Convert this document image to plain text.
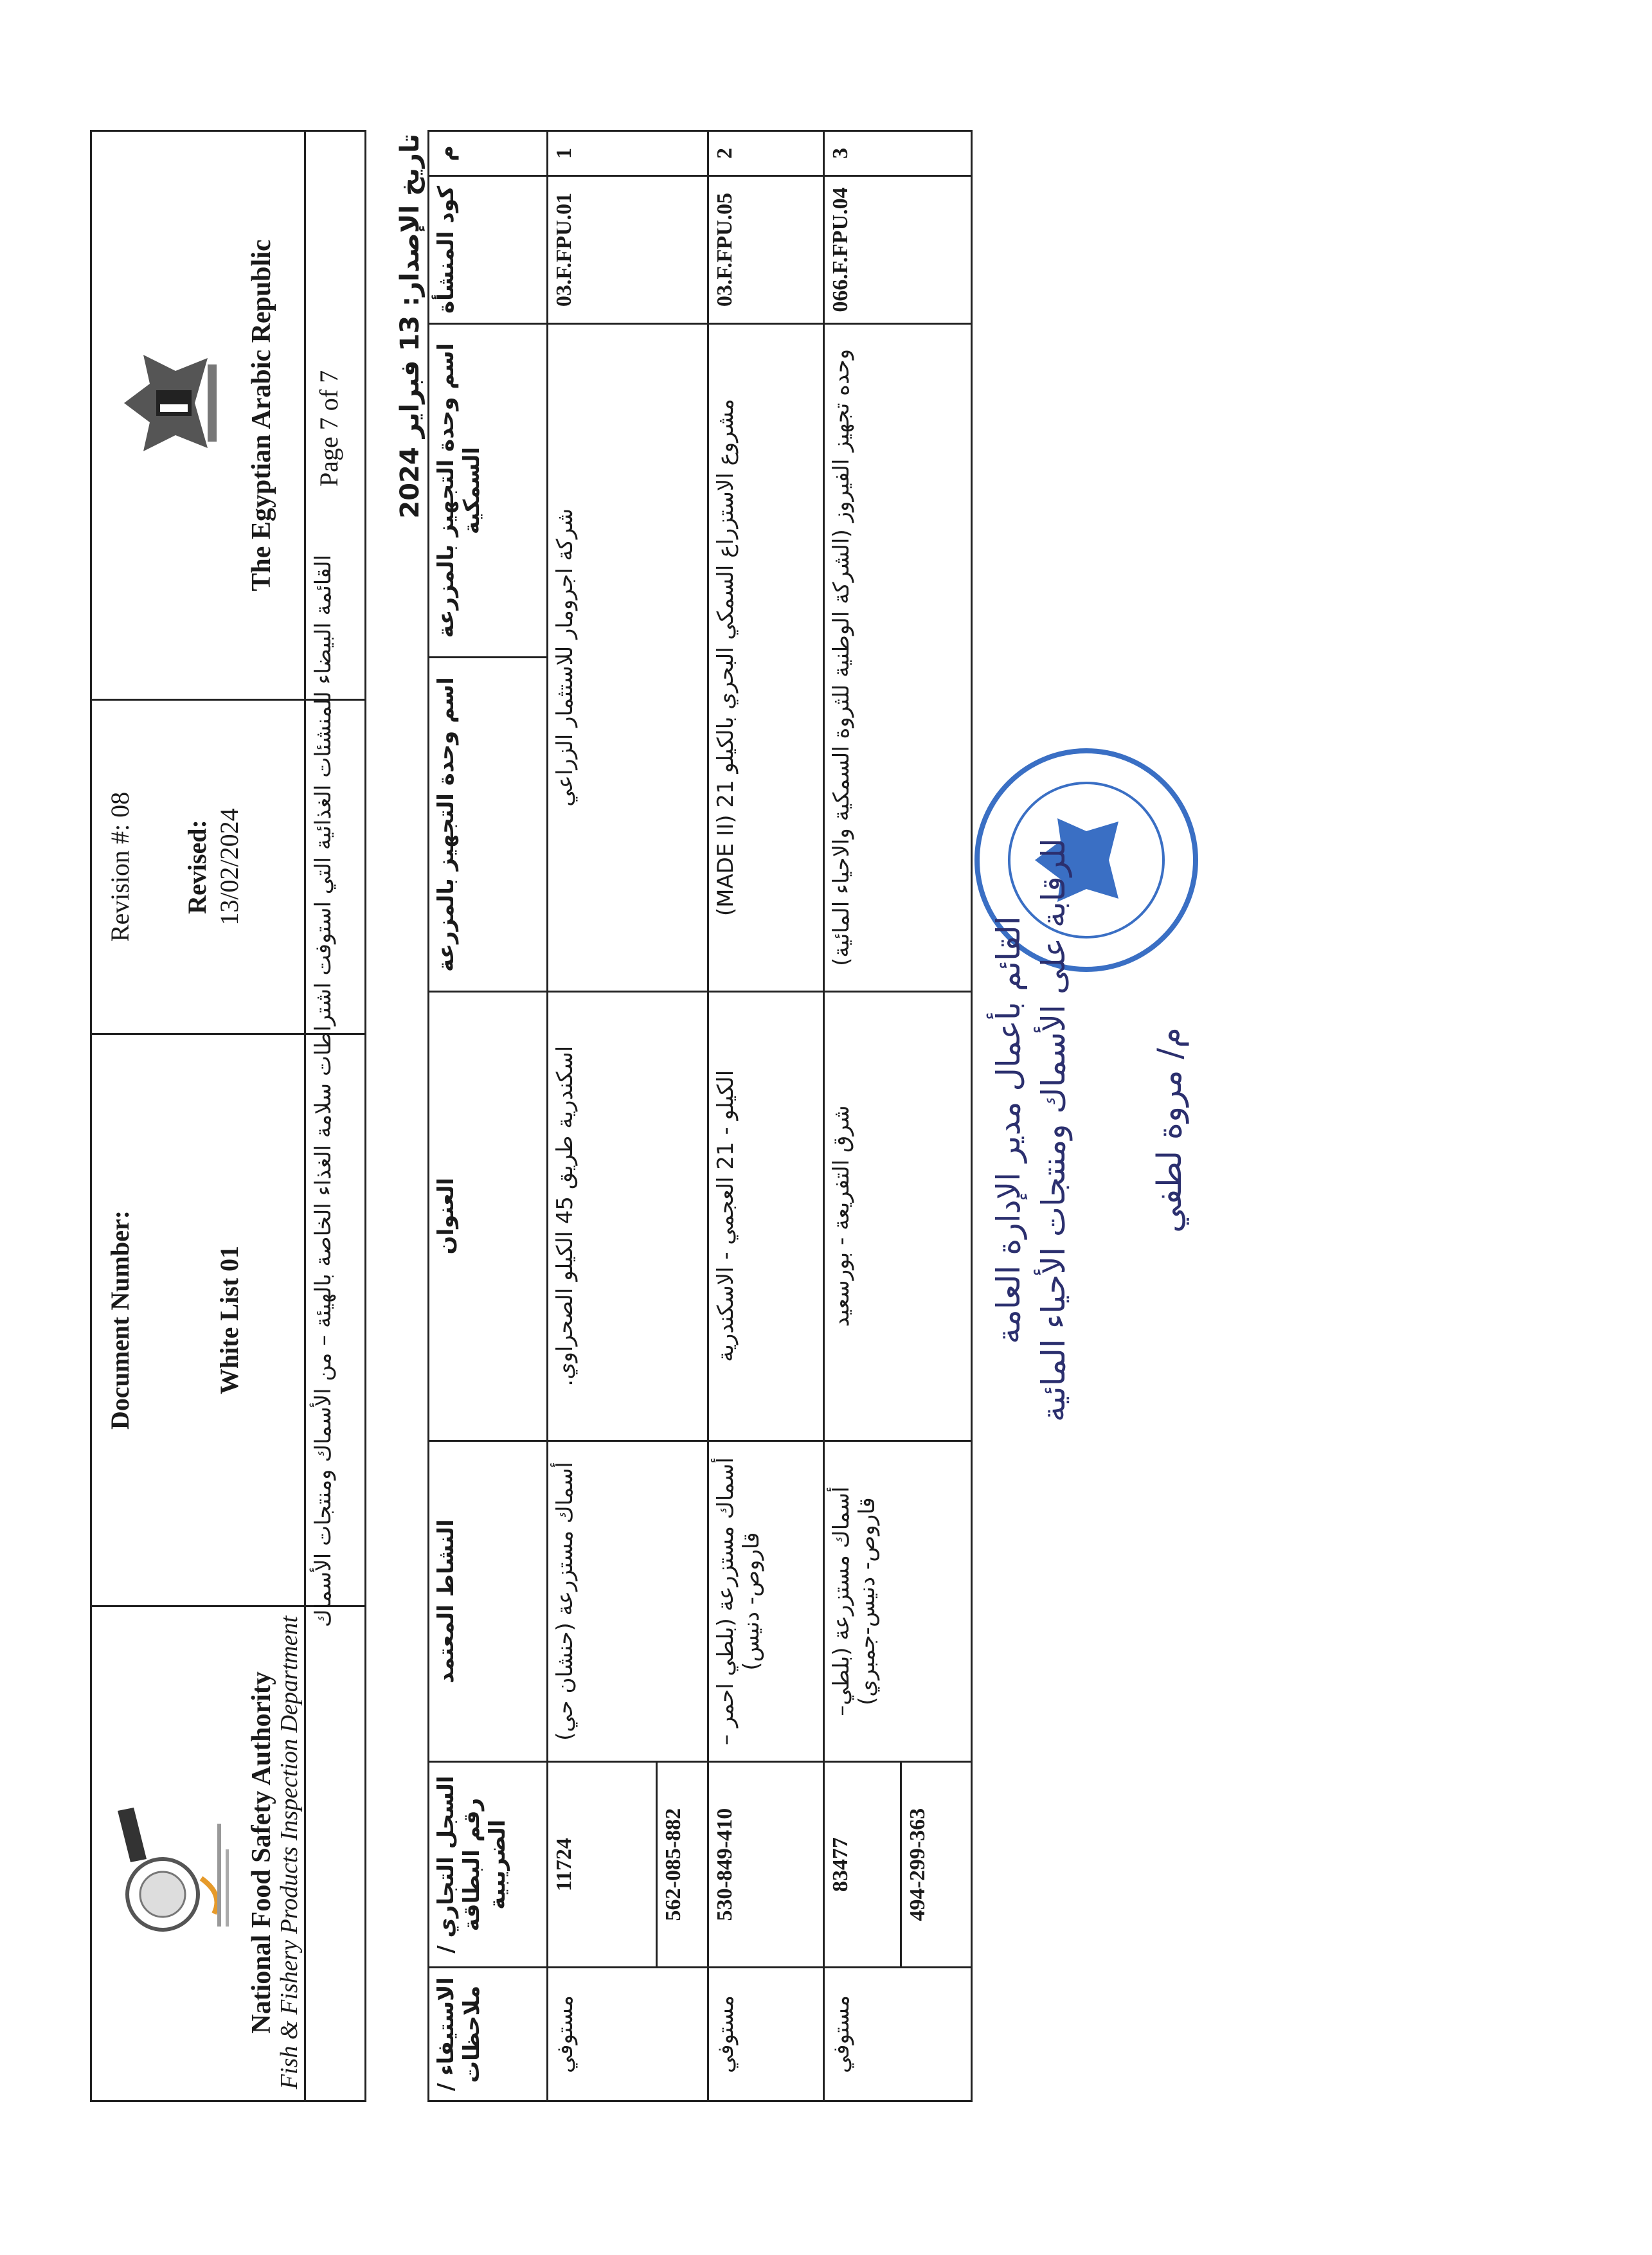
National Food Safety Authority Fish & Fishery Products Inspection Department
Document Number:	White List 01
Revision #: 08 Revised: 13/02/2024
The Egyptian Arabic Republic
القائمة البيضاء للمنشئات الغذائية التي استوفت اشتراطات سلامة الغذاء الخاصة بالهيئة – من الأسماك ومنتجات الأسماك
Page 7 of 7 تاريخ الإصدار: 13 فبراير 2024 م	كود المنشأة	اسم وحدة التجهيز بالمزرعة السمكية	اسم وحدة التجهيز بالمزرعة	العنوان	النشاط المعتمد	السجل التجاري / رقم البطاقة الضريبية	الاستيفاء / ملاحظات
1	03.F.FPU.01	شركة اجرومار للاستثمار الزراعي		اسكندرية طريق 45 الكيلو الصحراوي.	أسماك مستزرعة (حنشان حي)	11724	مستوفي
						562-085-882	
2	03.F.FPU.05	مشروع الاستزراع السمكي البحري بالكيلو 21 (MADE II)		الكيلو - 21 العجمي - الاسكندرية	أسماك مستزرعة (بلطي احمر – قاروص- دنيس)	530-849-410	مستوفي
3	066.F.FPU.04	وحده تجهيز الفيروز (الشركة الوطنية للثروة السمكية والاحياء المائية)		شرق التفريعة - بورسعيد	أسماك مستزرعة (بلطي– قاروص- دنيس-جمبري)	83477	مستوفي
						494-299-363	
القائم بأعمال مدير الإدارة العامة للرقابة على الأسماك ومنتجات الأحياء المائية م/ مروة لطفي
